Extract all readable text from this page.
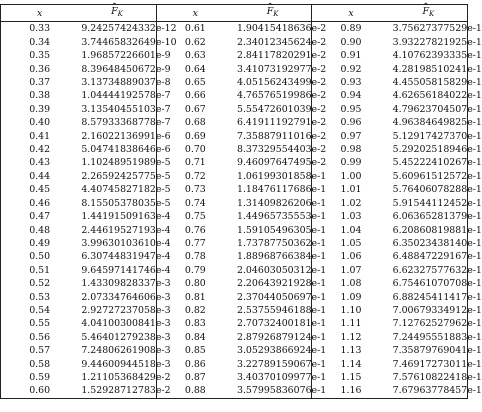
x	^ $F_K$	x	^ $F_K$	x	^ $F_K$
0.33	9.24257424332e-12	0.61	1.90415418636e-2	0.89	3.75627377529e-1
0.34	3.74465832649e-10	0.62	2.34012345624e-2	0.90	3.93227821925e-1
0.35	1.96857226601e-9	0.63	2.84117820291e-2	0.91	4.10762393335e-1
0.36	8.39648450672e-9	0.64	3.41073192977e-2	0.92	4.28198510241e-1
0.37	3.13734889037e-8	0.65	4.05156243499e-2	0.93	4.45505815829e-1
0.38	1.04444192578e-7	0.66	4.76576519986e-2	0.94	4.62656184022e-1
0.39	3.13540455103e-7	0.67	5.55472601039e-2	0.95	4.79623704507e-1
0.40	8.57933368778e-7	0.68	6.41911192791e-2	0.96	4.96384649825e-1
0.41	2.16022136991e-6	0.69	7.35887911016e-2	0.97	5.12917427370e-1
0.42	5.04741838646e-6	0.70	8.37329554403e-2	0.98	5.29202518946e-1
0.43	1.10248951989e-5	0.71	9.46097647495e-2	0.99	5.45222410267e-1
0.44	2.26592425775e-5	0.72	1.06199301858e-1	1.00	5.60961512572e-1
0.45	4.40745827182e-5	0.73	1.18476117686e-1	1.01	5.76406078288e-1
0.46	8.15505378035e-5	0.74	1.31409826206e-1	1.02	5.91544112452e-1
0.47	1.44191509163e-4	0.75	1.44965735553e-1	1.03	6.06365281379e-1
0.48	2.44619527193e-4	0.76	1.59105496305e-1	1.04	6.20860819881e-1
0.49	3.99630103610e-4	0.77	1.73787750362e-1	1.05	6.35023438140e-1
0.50	6.30744831947e-4	0.78	1.88968766384e-1	1.06	6.48847229167e-1
0.51	9.64597141746e-4	0.79	2.04603050312e-1	1.07	6.62327577632e-1
0.52	1.43309828337e-3	0.80	2.20643921928e-1	1.08	6.75461070708e-1
0.53	2.07334764606e-3	0.81	2.37044050697e-1	1.09	6.88245411417e-1
0.54	2.92727237058e-3	0.82	2.53755946188e-1	1.10	7.00679334912e-1
0.55	4.04100300841e-3	0.83	2.70732400181e-1	1.11	7.12762527962e-1
0.56	5.46401279238e-3	0.84	2.87926879124e-1	1.12	7.24495551883e-1
0.57	7.24806261908e-3	0.85	3.05293866924e-1	1.13	7.35879769041e-1
0.58	9.44600944518e-3	0.86	3.22789159067e-1	1.14	7.46917273011e-1
0.59	1.21105368429e-2	0.87	3.40370109977e-1	1.15	7.57610822418e-1
0.60	1.52928712783e-2	0.88	3.57995836076e-1	1.16	7.67963778457e-1
